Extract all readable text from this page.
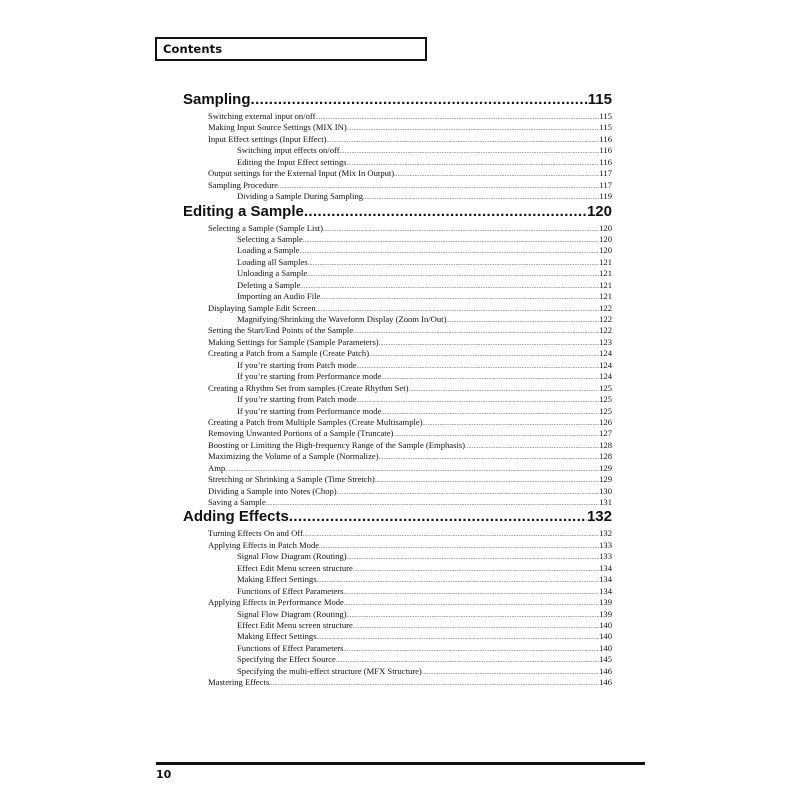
Contents
Sampling .....	115
Switching external input on/off .....	115
Making Input Source Settings (MIX IN) .....	115
Input Effect settings (Input Effect) .....	116
Switching input effects on/off .....	116
Editing the Input Effect settings .....	116
Output settings for the External Input (Mix In Output) .....	117
Sampling Procedure .....	117
Dividing a Sample During Sampling .....	119
Editing a Sample .....	120
Selecting a Sample (Sample List) .....	120
Selecting a Sample .....	120
Loading a Sample .....	120
Loading all Samples .....	121
Unloading a Sample .....	121
Deleting a Sample .....	121
Importing an Audio File .....	121
Displaying Sample Edit Screen .....	122
Magnifying/Shrinking the Waveform Display (Zoom In/Out) .....	122
Setting the Start/End Points of the Sample .....	122
Making Settings for Sample (Sample Parameters) .....	123
Creating a Patch from a Sample (Create Patch) .....	124
If you’re starting from Patch mode .....	124
If you’re starting from Performance mode .....	124
Creating a Rhythm Set from samples (Create Rhythm Set) .....	125
If you’re starting from Patch mode .....	125
If you’re starting from Performance mode .....	125
Creating a Patch from Multiple Samples (Create Multisample) .....	126
Removing Unwanted Portions of a Sample (Truncate) .....	127
Boosting or Limiting the High-frequency Range of the Sample (Emphasis) .....	128
Maximizing the Volume of a Sample (Normalize) .....	128
Amp .....	129
Stretching or Shrinking a Sample (Time Stretch) .....	129
Dividing a Sample into Notes (Chop) .....	130
Saving a Sample .....	131
Adding Effects .....	132
Turning Effects On and Off .....	132
Applying Effects in Patch Mode .....	133
Signal Flow Diagram (Routing) .....	133
Effect Edit Menu screen structure .....	134
Making Effect Settings .....	134
Functions of Effect Parameters .....	134
Applying Effects in Performance Mode .....	139
Signal Flow Diagram (Routing) .....	139
Effect Edit Menu screen structure .....	140
Making Effect Settings .....	140
Functions of Effect Parameters .....	140
Specifying the Effect Source .....	145
Specifying the multi-effect structure (MFX Structure) .....	146
Mastering Effects .....	146
10
